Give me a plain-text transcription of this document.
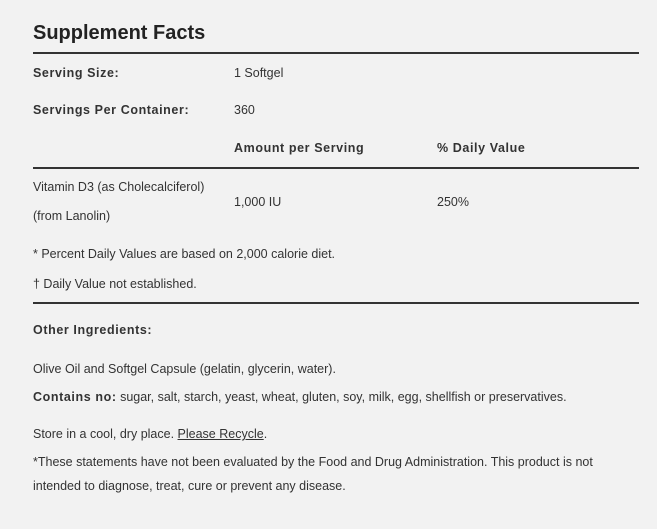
Supplement Facts
Serving Size:	1 Softgel
Servings Per Container:	360
Amount per Serving	% Daily Value
Vitamin D3 (as Cholecalciferol)
(from Lanolin)
1,000 IU	250%
* Percent Daily Values are based on 2,000 calorie diet.
† Daily Value not established.
Other Ingredients:
Olive Oil and Softgel Capsule (gelatin, glycerin, water).
Contains no: sugar, salt, starch, yeast, wheat, gluten, soy, milk, egg, shellfish or preservatives.
Store in a cool, dry place. Please Recycle.
*These statements have not been evaluated by the Food and Drug Administration. This product is not
intended to diagnose, treat, cure or prevent any disease.
